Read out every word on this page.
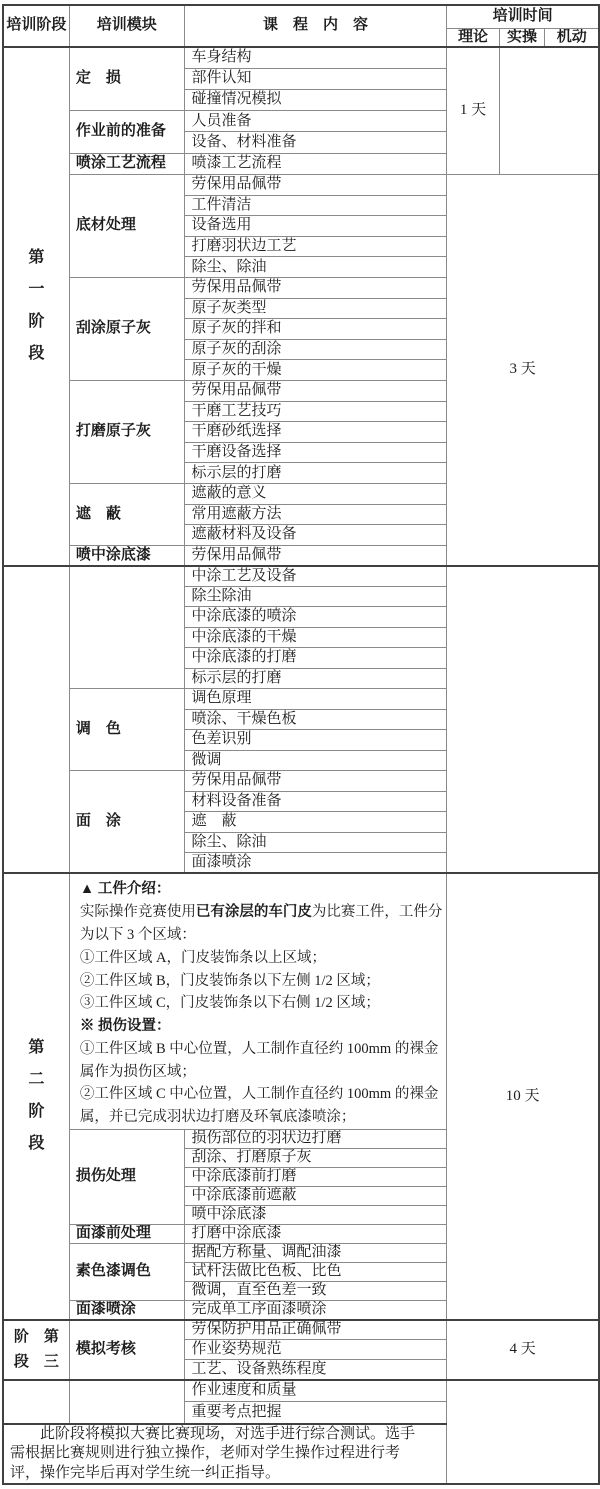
培训阶段	培训模块	课　程　内　容	培训时间		
			理论	实操	机动

第
一
阶
段	定　损	车身结构	1 天		
		部件认知			
		碰撞情况模拟			
	作业前的准备	人员准备			
		设备、材料准备			
	喷涂工艺流程	喷漆工艺流程			
	底材处理	劳保用品佩带	3 天		
		工件清洁			
		设备选用			
		打磨羽状边工艺			
		除尘、除油			
	刮涂原子灰	劳保用品佩带			
		原子灰类型			
		原子灰的拌和			
		原子灰的刮涂			
		原子灰的干燥			
	打磨原子灰	劳保用品佩带			
		干磨工艺技巧			
		干磨砂纸选择			
		干磨设备选择			
		标示层的打磨			
	遮　蔽	遮蔽的意义			
		常用遮蔽方法			
		遮蔽材料及设备			
	喷中涂底漆	劳保用品佩带			
		中涂工艺及设备			
		除尘除油			
		中涂底漆的喷涂			
		中涂底漆的干燥			
		中涂底漆的打磨			
		标示层的打磨			
	调　色	调色原理			
		喷涂、干燥色板			
		色差识别			
		微调			
	面　涂	劳保用品佩带			
		材料设备准备			
		遮　蔽			
		除尘、除油			
		面漆喷涂			

第
二
阶
段

▲ 工件介绍：
实际操作竞赛使用已有涂层的车门皮为比赛工件，工件分
为以下 3 个区域：
①工件区域 A，门皮装饰条以上区域；
②工件区域 B，门皮装饰条以下左侧 1/2 区域；
③工件区域 C，门皮装饰条以下右侧 1/2 区域；
※ 损伤设置：
①工件区域 B 中心位置，人工制作直径约 100mm 的裸金
属作为损伤区域；
②工件区域 C 中心位置，人工制作直径约 100mm 的裸金
属，并已完成羽状边打磨及环氧底漆喷涂；
	10 天
	损伤处理	损伤部位的羽状边打磨			
		刮涂、打磨原子灰			
		中涂底漆前打磨			
		中涂底漆前遮蔽			
		喷中涂底漆			
	面漆前处理	打磨中涂底漆			
	素色漆调色	据配方称量、调配油漆			
		试杆法做比色板、比色			
		微调，直至色差一致			
	面漆喷涂	完成单工序面漆喷涂			

阶　第
段　三	模拟考核	劳保防护用品正确佩带	4 天		
		作业姿势规范			
		工艺、设备熟练程度			
		作业速度和质量			
		重要考点把握			

此阶段将模拟大赛比赛现场，对选手进行综合测试。选手
需根据比赛规则进行独立操作，老师对学生操作过程进行考
评，操作完毕后再对学生统一纠正指导。					
